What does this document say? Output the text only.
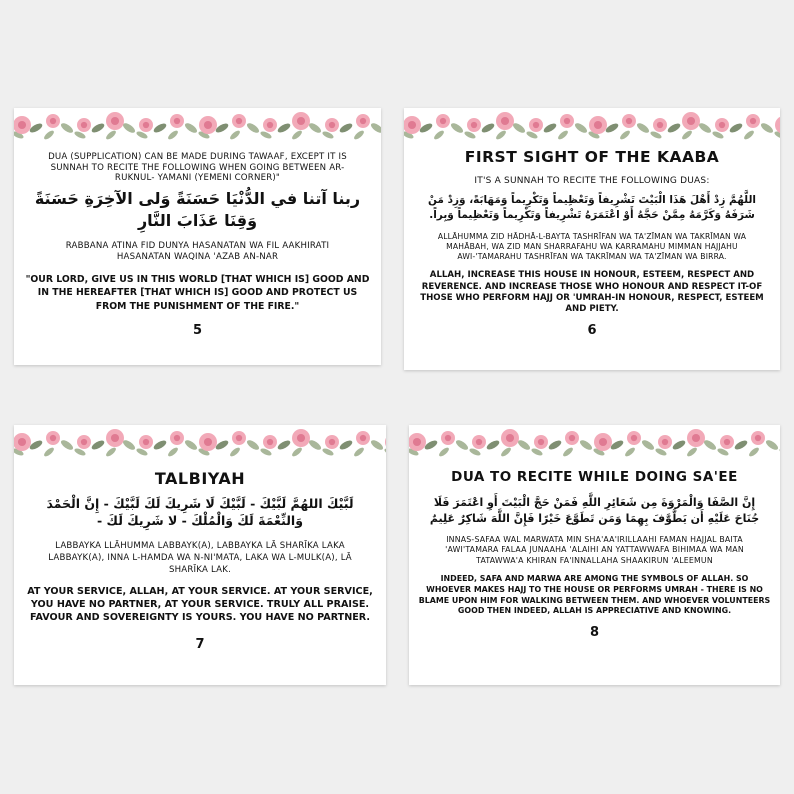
DUA (SUPPLICATION) CAN BE MADE DURING TAWAAF, EXCEPT IT IS SUNNAH TO RECITE THE FOLLOWING WHEN GOING BETWEEN AR-RUKNUL- YAMANI (YEMENI CORNER)"

ربنا آتنا في الدُّنْيَا حَسَنَةً وَلى الآخِرَةِ حَسَنَةً وَقِنَا عَذَابَ النَّارِ

RABBANA ATINA FID DUNYA HASANATAN WA FIL AAKHIRATI HASANATAN WAQINA 'AZAB AN-NAR

"OUR LORD, GIVE US IN THIS WORLD [THAT WHICH IS] GOOD AND IN THE HEREAFTER [THAT WHICH IS] GOOD AND PROTECT US FROM THE PUNISHMENT OF THE FIRE."

5

FIRST SIGHT OF THE KAABA

IT'S A SUNNAH TO RECITE THE FOLLOWING DUAS:

اللَّهُمَّ زِدْ أَهْلَ هَذَا الْبَيْتَ تَشْرِيفاً وَتَعْظِيماً وَتَكْرِيماً وَمَهَابَةً، وَزِدْ مَنْ شَرَفَهُ وَكَرَّمَهُ مِمَّنْ حَجَّهُ أَوْ اعْتَمَرَهُ تَشْرِيفاً وَتَكْرِيماً وَتَعْظِيماً وَبِراً.

ALLĀHUMMA ZID HĀDHĀ-L-BAYTA TASHRĪFAN WA TA'ZĪMAN WA TAKRĪMAN WA MAHĀBAH, WA ZID MAN SHARRAFAHU WA KARRAMAHU MIMMAN HAJJAHU AWI-'TAMARAHU TASHRĪFAN WA TAKRĪMAN WA TA'ZĪMAN WA BIRRA.

ALLAH, INCREASE THIS HOUSE IN HONOUR, ESTEEM, RESPECT AND REVERENCE. AND INCREASE THOSE WHO HONOUR AND RESPECT IT-OF THOSE WHO PERFORM HAJJ OR 'UMRAH-IN HONOUR, RESPECT, ESTEEM AND PIETY.

6

TALBIYAH

لَبَّيْكَ اللهُمَّ لَبَّيْكَ - لَبَّيْكَ لَا شَرِيكَ لَكَ لَبَّيْكَ - إِنَّ الْحَمْدَ وَالنِّعْمَةَ لَكَ وَالْمُلْكَ - لا شَرِيكَ لَكَ -

LABBAYKA LLĀHUMMA LABBAYK(A), LABBAYKA LĀ SHARĪKA LAKA LABBAYK(A), INNA L-HAMDA WA N-NI'MATA, LAKA WA L-MULK(A), LĀ SHARĪKA LAK.

AT YOUR SERVICE, ALLAH, AT YOUR SERVICE. AT YOUR SERVICE, YOU HAVE NO PARTNER, AT YOUR SERVICE. TRULY ALL PRAISE. FAVOUR AND SOVEREIGNTY IS YOURS. YOU HAVE NO PARTNER.

7

DUA TO RECITE WHILE DOING SA'EE

إِنَّ الصَّفَا وَالْمَرْوَةَ مِن شَعَائِرِ اللَّهِ فَمَنْ حَجَّ الْبَيْتَ أَوِ اعْتَمَرَ فَلَا جُنَاحَ عَلَيْهِ أَن يَطَّوَّفَ بِهِمَا وَمَن تَطَوَّعَ خَيْرًا فَإِنَّ اللَّهَ شَاكِرٌ عَلِيمٌ

INNAS-SAFAA WAL MARWATA MIN SHA'AA'IRILLAAHI FAMAN HAJJAL BAITA 'AWI'TAMARA FALAA JUNAAHA 'ALAIHI AN YATTAWWAFA BIHIMAA WA MAN TATAWWA'A KHIRAN FA'INNALLAHA SHAAKIRUN 'ALEEMUN

INDEED, SAFA AND MARWA ARE AMONG THE SYMBOLS OF ALLAH. SO WHOEVER MAKES HAJJ TO THE HOUSE OR PERFORMS UMRAH - THERE IS NO BLAME UPON HIM FOR WALKING BETWEEN THEM. AND WHOEVER VOLUNTEERS GOOD THEN INDEED, ALLAH IS APPRECIATIVE AND KNOWING.

8
